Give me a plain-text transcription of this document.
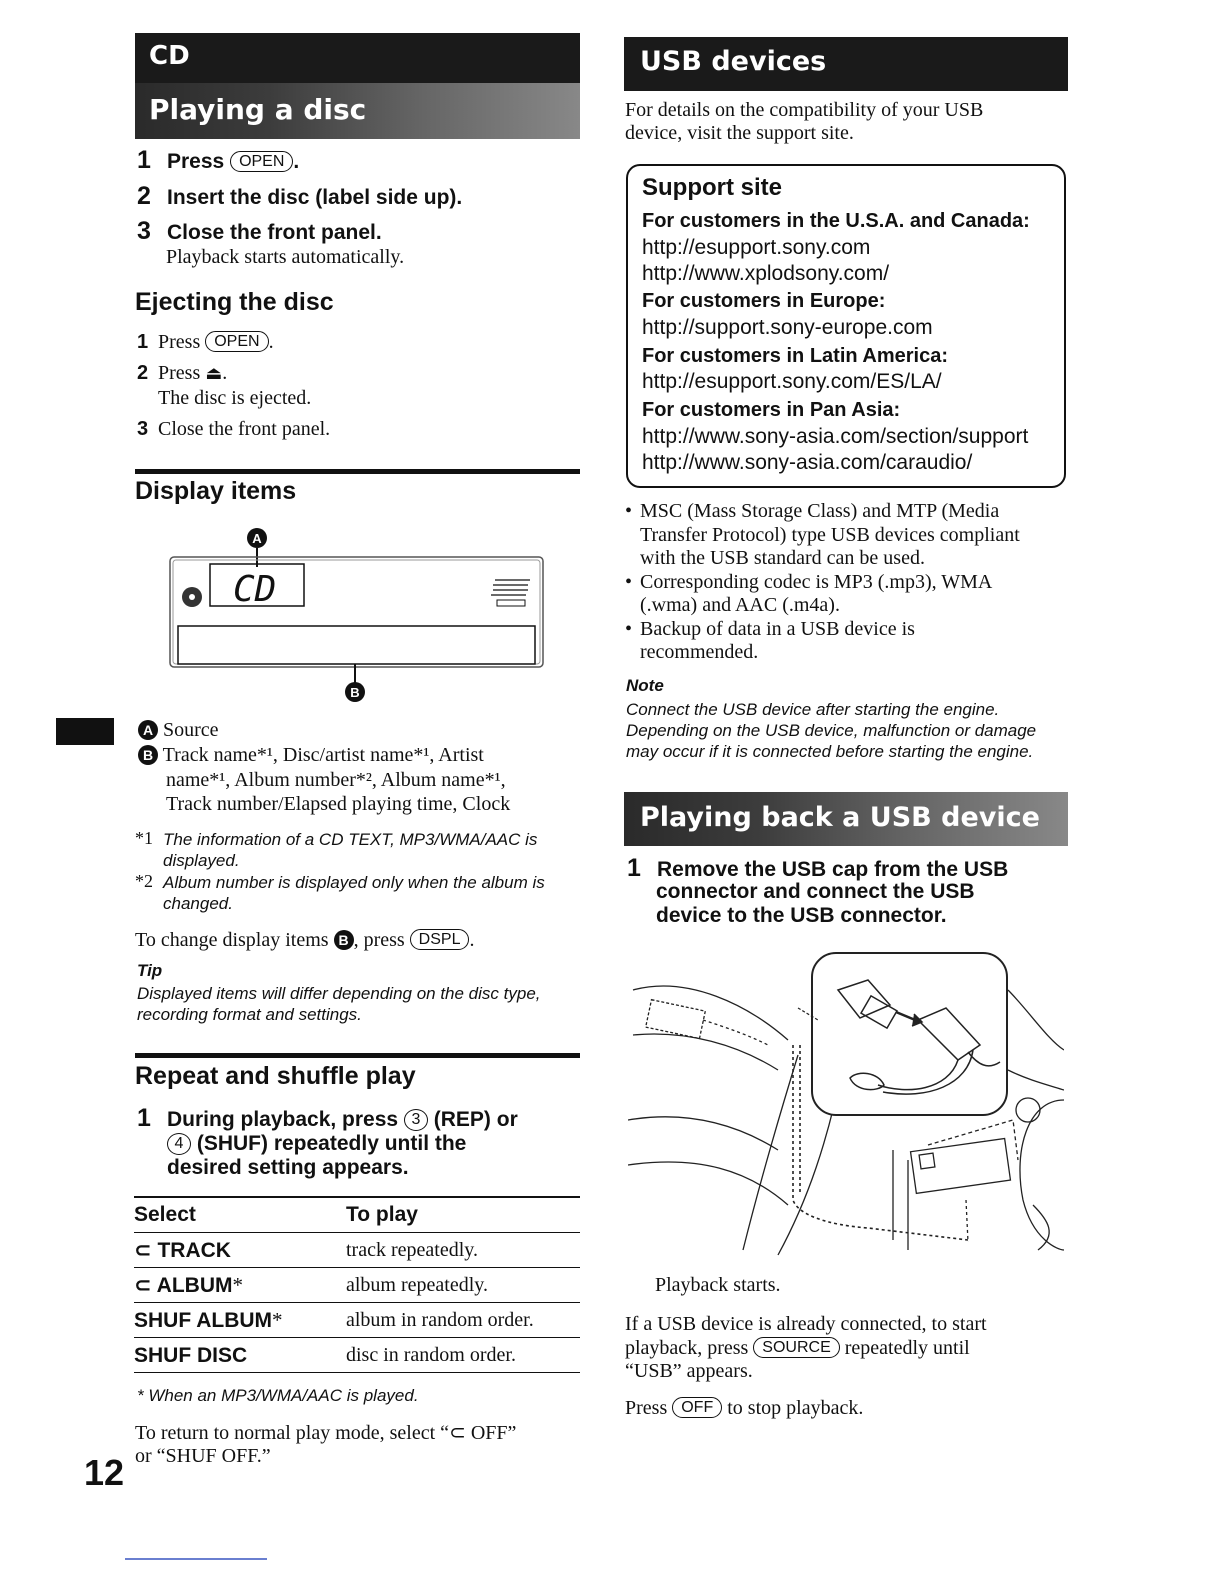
CD
Playing a disc
1 Press OPEN .
2 Insert the disc (label side up).
3 Close the front panel.
Playback starts automatically.
Ejecting the disc
1 Press OPEN .
2 Press ⏏.
The disc is ejected.
3 Close the front panel.
Display items
A
CD
B
A Source
B Track name*¹, Disc/artist name*¹, Artist
name*¹, Album number*², Album name*¹,
Track number/Elapsed playing time, Clock
*1 The information of a CD TEXT, MP3/WMA/AAC is
displayed.
*2 Album number is displayed only when the album is
changed.
To change display items B , press DSPL .
Tip
Displayed items will differ depending on the disc type,
recording format and settings.
Repeat and shuffle play
1 During playback, press 3 (REP) or
4 (SHUF) repeatedly until the
desired setting appears.
Select	To play
⊂ TRACK	track repeatedly.
⊂ ALBUM*	album repeatedly.
SHUF ALBUM*	album in random order.
SHUF DISC	disc in random order.
* When an MP3/WMA/AAC is played.
To return to normal play mode, select “⊂ OFF”
or “SHUF OFF.”
12
USB devices
For details on the compatibility of your USB
device, visit the support site.
Support site
For customers in the U.S.A. and Canada:
http://esupport.sony.com
http://www.xplodsony.com/
For customers in Europe:
http://support.sony-europe.com
For customers in Latin America:
http://esupport.sony.com/ES/LA/
For customers in Pan Asia:
http://www.sony-asia.com/section/support
http://www.sony-asia.com/caraudio/
• MSC (Mass Storage Class) and MTP (Media
Transfer Protocol) type USB devices compliant
with the USB standard can be used.
• Corresponding codec is MP3 (.mp3), WMA
(.wma) and AAC (.m4a).
• Backup of data in a USB device is
recommended.
Note
Connect the USB device after starting the engine.
Depending on the USB device, malfunction or damage
may occur if it is connected before starting the engine.
Playing back a USB device
1 Remove the USB cap from the USB
connector and connect the USB
device to the USB connector.
Playback starts.
If a USB device is already connected, to start
playback, press SOURCE repeatedly until
“USB” appears.
Press OFF to stop playback.
